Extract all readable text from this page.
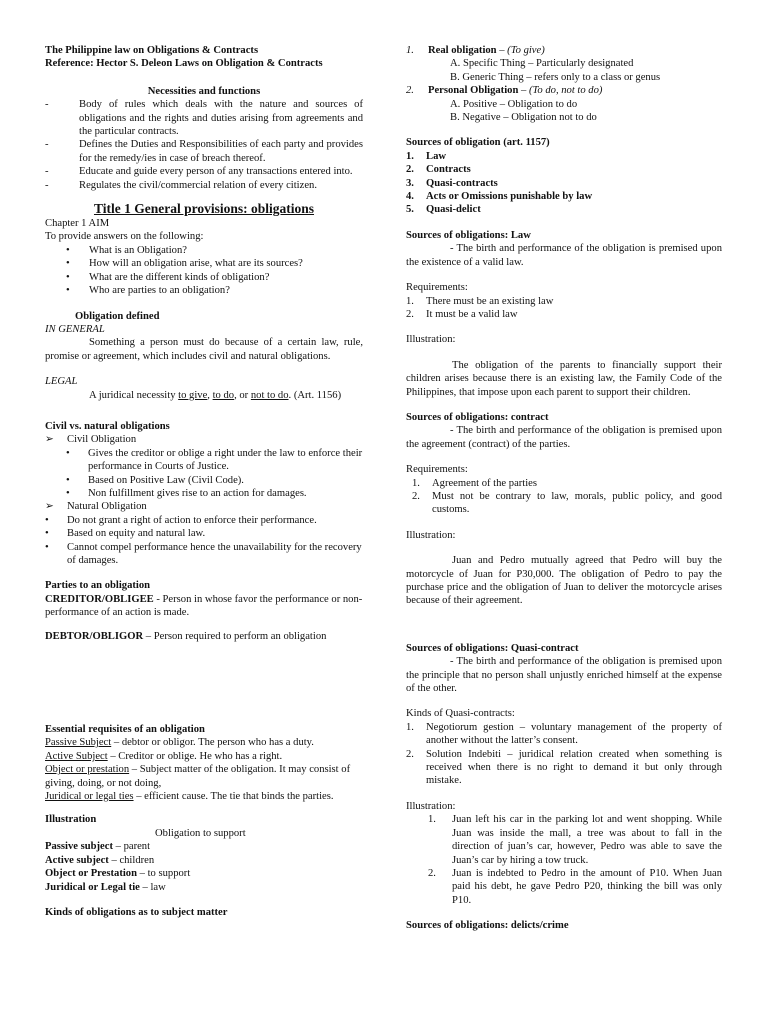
The Philippine law on Obligations & Contracts

Reference: Hector S. Deleon Laws on Obligation & Contracts

Necessities and functions

-	Body of rules which deals with the nature and sources of obligations and the rights and duties arising from agreements and the particular contracts.
-	Defines the Duties and Responsibilities of each party and provides for the remedy/ies in case of breach thereof.
-	Educate and guide every person of any transactions entered into.
-	Regulates the civil/commercial relation of every citizen.

Title 1 General provisions: obligations

Chapter 1 AIM

To provide answers on the following:

•	What is an Obligation?
•	How will an obligation arise, what are its sources?
•	What are the different kinds of obligation?
•	Who are parties to an obligation?

Obligation defined

IN GENERAL

Something a person must do because of a certain law, rule, promise or agreement, which includes civil and natural obligations.

LEGAL

A juridical necessity to give, to do, or not to do. (Art. 1156)

Civil vs. natural obligations

➢	Civil Obligation
•	Gives the creditor or oblige a right under the law to enforce their performance in Courts of Justice.
•	Based on Positive Law (Civil Code).
•	Non fulfillment gives rise to an action for damages.
➢	Natural Obligation
•	Do not grant a right of action to enforce their performance.
•	Based on equity and natural law.
•	Cannot compel performance hence the unavailability for the recovery of damages.

Parties to an obligation

CREDITOR/OBLIGEE - Person in whose favor the performance or non-performance of an action is made.

DEBTOR/OBLIGOR – Person required to perform an obligation

Essential requisites of an obligation

Passive Subject – debtor or obligor. The person who has a duty.

Active Subject – Creditor or oblige. He who has a right.

Object or prestation – Subject matter of the obligation. It may consist of giving, doing, or not doing,

Juridical or legal ties – efficient cause. The tie that binds the parties.

Illustration

Obligation to support

Passive subject – parent

Active subject – children

Object or Prestation – to support

Juridical or Legal tie – law

Kinds of obligations as to subject matter

1.	Real obligation – (To give)

A. Specific Thing – Particularly designated

B. Generic Thing – refers only to a class or genus

2.	Personal Obligation – (To do, not to do)

A. Positive – Obligation to do

B. Negative – Obligation not to do

Sources of obligation (art. 1157)

1.	Law
2.	Contracts
3.	Quasi-contracts
4.	Acts or Omissions punishable by law
5.	Quasi-delict

Sources of obligations: Law

- The birth and performance of the obligation is premised upon the existence of a valid law.

Requirements:

1.	There must be an existing law
2.	It must be a valid law

Illustration:

The obligation of the parents to financially support their children arises because there is an existing law, the Family Code of the Philippines, that impose upon each parent to support their children.

Sources of obligations: contract

- The birth and performance of the obligation is premised upon the agreement (contract) of the parties.

Requirements:

1.	Agreement of the parties
2.	Must not be contrary to law, morals, public policy, and good customs.

Illustration:

Juan and Pedro mutually agreed that Pedro will buy the motorcycle of Juan for P30,000. The obligation of Pedro to pay the purchase price and the obligation of Juan to deliver the motorcycle arises because of their agreement.

Sources of obligations: Quasi-contract

- The birth and performance of the obligation is premised upon the principle that no person shall unjustly enriched himself at the expense of the other.

Kinds of Quasi-contracts:

1.	Negotiorum gestion – voluntary management of the property of another without the latter’s consent.
2.	Solution Indebiti – juridical relation created when something is received when there is no right to demand it but only through mistake.

Illustration:

1.	Juan left his car in the parking lot and went shopping. While Juan was inside the mall, a tree was about to fall in the direction of juan’s car, however, Pedro was able to save the Juan’s car by hiring a tow truck.
2.	Juan is indebted to Pedro in the amount of P10. When Juan paid his debt, he gave Pedro P20, thinking the bill was only P10.

Sources of obligations: delicts/crime
